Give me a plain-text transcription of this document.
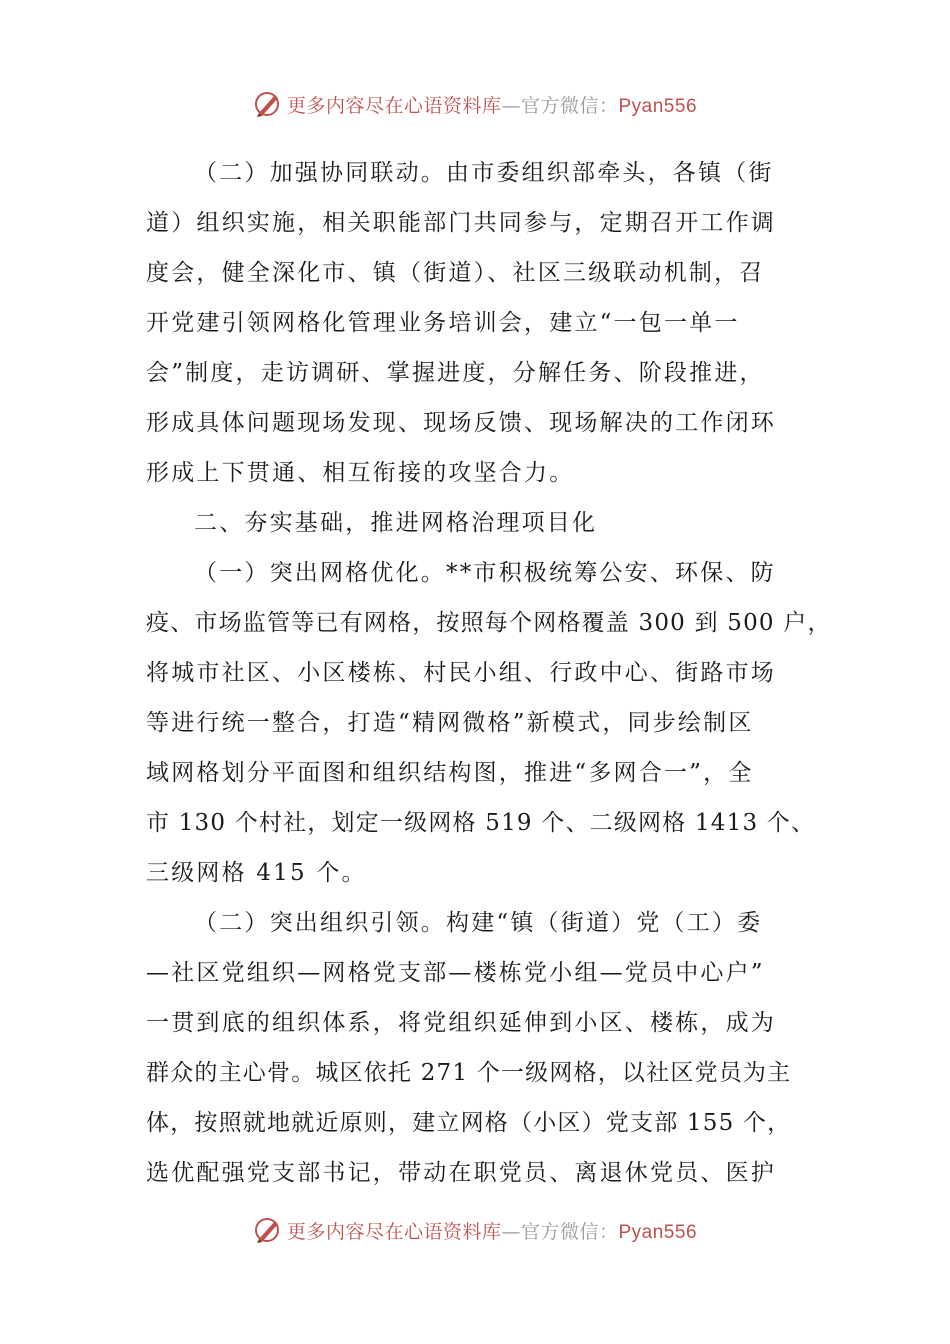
更多内容尽在心语资料库—官方微信：Pyan556
（二）加强协同联动。由市委组织部牵头，各镇（街
道）组织实施，相关职能部门共同参与，定期召开工作调
度会，健全深化市、镇（街道）、社区三级联动机制，召
开党建引领网格化管理业务培训会，建立“一包一单一
会”制度，走访调研、掌握进度，分解任务、阶段推进，
形成具体问题现场发现、现场反馈、现场解决的工作闭环
形成上下贯通、相互衔接的攻坚合力。
二、夯实基础，推进网格治理项目化
（一）突出网格优化。**市积极统筹公安、环保、防
疫、市场监管等已有网格，按照每个网格覆盖 300 到 500 户，
将城市社区、小区楼栋、村民小组、行政中心、街路市场
等进行统一整合，打造“精网微格”新模式，同步绘制区
域网格划分平面图和组织结构图，推进“多网合一”，全
市 130 个村社，划定一级网格 519 个、二级网格 1413 个、
三级网格 415 个。
（二）突出组织引领。构建“镇（街道）党（工）委
—社区党组织—网格党支部—楼栋党小组—党员中心户”
一贯到底的组织体系，将党组织延伸到小区、楼栋，成为
群众的主心骨。城区依托 271 个一级网格，以社区党员为主
体，按照就地就近原则，建立网格（小区）党支部 155 个，
选优配强党支部书记，带动在职党员、离退休党员、医护
更多内容尽在心语资料库—官方微信：Pyan556
